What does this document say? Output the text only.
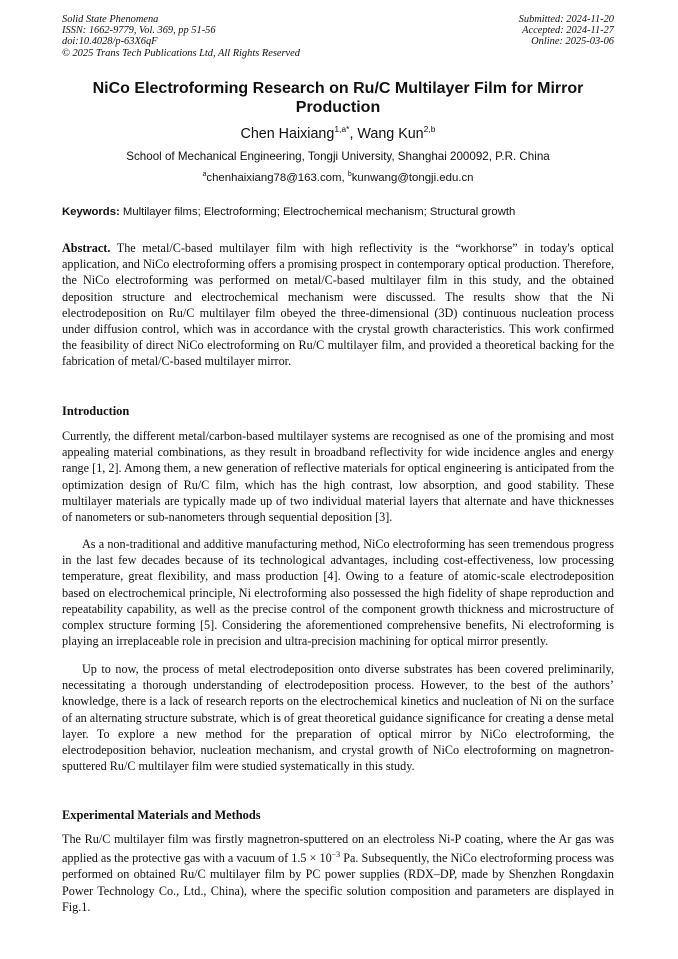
Solid State Phenomena
ISSN: 1662-9779, Vol. 369, pp 51-56
doi:10.4028/p-63X6qF
© 2025 Trans Tech Publications Ltd, All Rights Reserved
Submitted: 2024-11-20
Accepted: 2024-11-27
Online: 2025-03-06
NiCo Electroforming Research on Ru/C Multilayer Film for Mirror Production
Chen Haixiang$^{1,a*}$, Wang Kun$^{2,b}$
School of Mechanical Engineering, Tongji University, Shanghai 200092, P.R. China
$^a$chenhaixiang78@163.com, $^b$kunwang@tongji.edu.cn
Keywords: Multilayer films; Electroforming; Electrochemical mechanism; Structural growth

Abstract. The metal/C-based multilayer film with high reflectivity is the “workhorse” in today's optical application, and NiCo electroforming offers a promising prospect in contemporary optical production. Therefore, the NiCo electroforming was performed on metal/C-based multilayer film in this study, and the obtained deposition structure and electrochemical mechanism were discussed. The results show that the Ni electrodeposition on Ru/C multilayer film obeyed the three-dimensional (3D) continuous nucleation process under diffusion control, which was in accordance with the crystal growth characteristics. This work confirmed the feasibility of direct NiCo electroforming on Ru/C multilayer film, and provided a theoretical backing for the fabrication of metal/C-based multilayer mirror.

Introduction

Currently, the different metal/carbon-based multilayer systems are recognised as one of the promising and most appealing material combinations, as they result in broadband reflectivity for wide incidence angles and energy range [1, 2]. Among them, a new generation of reflective materials for optical engineering is anticipated from the optimization design of Ru/C film, which has the high contrast, low absorption, and good stability. These multilayer materials are typically made up of two individual material layers that alternate and have thicknesses of nanometers or sub-nanometers through sequential deposition [3].

As a non-traditional and additive manufacturing method, NiCo electroforming has seen tremendous progress in the last few decades because of its technological advantages, including cost-effectiveness, low processing temperature, great flexibility, and mass production [4]. Owing to a feature of atomic-scale electrodeposition based on electrochemical principle, Ni electroforming also possessed the high fidelity of shape reproduction and repeatability capability, as well as the precise control of the component growth thickness and microstructure of complex structure forming [5]. Considering the aforementioned comprehensive benefits, Ni electroforming is playing an irreplaceable role in precision and ultra-precision machining for optical mirror presently.

Up to now, the process of metal electrodeposition onto diverse substrates has been covered preliminarily, necessitating a thorough understanding of electrodeposition process. However, to the best of the authors’ knowledge, there is a lack of research reports on the electrochemical kinetics and nucleation of Ni on the surface of an alternating structure substrate, which is of great theoretical guidance significance for creating a dense metal layer. To explore a new method for the preparation of optical mirror by NiCo electroforming, the electrodeposition behavior, nucleation mechanism, and crystal growth of NiCo electroforming on magnetron-sputtered Ru/C multilayer film were studied systematically in this study.

Experimental Materials and Methods

The Ru/C multilayer film was firstly magnetron-sputtered on an electroless Ni-P coating, where the Ar gas was applied as the protective gas with a vacuum of $1.5 \times 10^{-3}$ Pa. Subsequently, the NiCo electroforming process was performed on obtained Ru/C multilayer film by PC power supplies (RDX–DP, made by Shenzhen Rongdaxin Power Technology Co., Ltd., China), where the specific solution composition and parameters are displayed in Fig.1.
